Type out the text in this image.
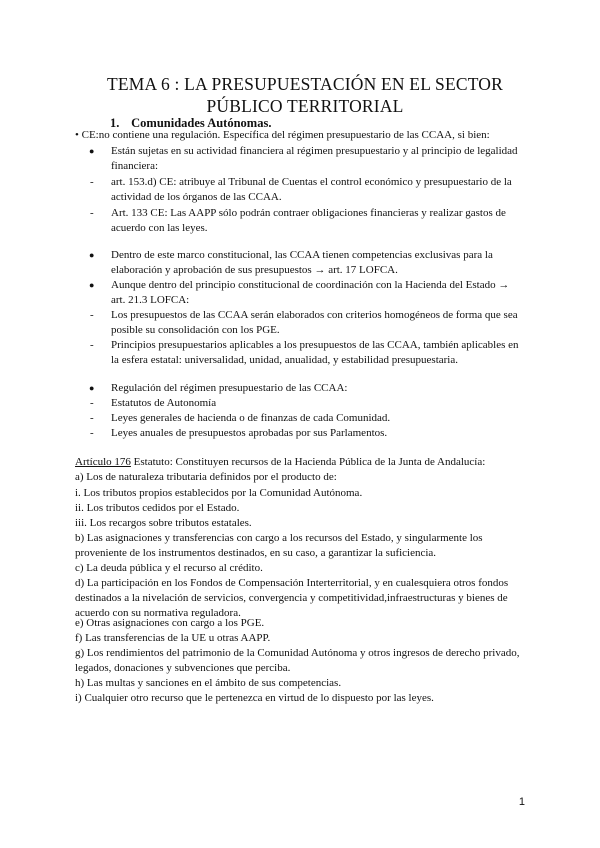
TEMA 6 : LA PRESUPUESTACIÓN EN EL SECTOR
PÚBLICO TERRITORIAL
1. Comunidades Autónomas.
• CE:no contiene una regulación. Específica del régimen presupuestario de las CCAA, si bien:
● Están sujetas en su actividad financiera al régimen presupuestario y al principio de legalidad financiera:
- art. 153.d) CE: atribuye al Tribunal de Cuentas el control económico y presupuestario de la actividad de los órganos de las CCAA.
- Art. 133 CE: Las AAPP sólo podrán contraer obligaciones financieras y realizar gastos de acuerdo con las leyes.
● Dentro de este marco constitucional, las CCAA tienen competencias exclusivas para la elaboración y aprobación de sus presupuestos → art. 17 LOFCA.
● Aunque dentro del principio constitucional de coordinación con la Hacienda del Estado → art. 21.3 LOFCA:
- Los presupuestos de las CCAA serán elaborados con criterios homogéneos de forma que sea posible su consolidación con los PGE.
- Principios presupuestarios aplicables a los presupuestos de las CCAA, también aplicables en la esfera estatal: universalidad, unidad, anualidad, y estabilidad presupuestaria.
● Regulación del régimen presupuestario de las CCAA:
- Estatutos de Autonomía
- Leyes generales de hacienda o de finanzas de cada Comunidad.
- Leyes anuales de presupuestos aprobadas por sus Parlamentos.
Artículo 176 Estatuto: Constituyen recursos de la Hacienda Pública de la Junta de Andalucía:
a) Los de naturaleza tributaria definidos por el producto de:
i. Los tributos propios establecidos por la Comunidad Autónoma.
ii. Los tributos cedidos por el Estado.
iii. Los recargos sobre tributos estatales.
b) Las asignaciones y transferencias con cargo a los recursos del Estado, y singularmente los proveniente de los instrumentos destinados, en su caso, a garantizar la suficiencia.
c) La deuda pública y el recurso al crédito.
d) La participación en los Fondos de Compensación Interterritorial, y en cualesquiera otros fondos destinados a la nivelación de servicios, convergencia y competitividad,infraestructuras y bienes de acuerdo con su normativa reguladora.
e) Otras asignaciones con cargo a los PGE.
f) Las transferencias de la UE u otras AAPP.
g) Los rendimientos del patrimonio de la Comunidad Autónoma y otros ingresos de derecho privado, legados, donaciones y subvenciones que perciba.
h) Las multas y sanciones en el ámbito de sus competencias.
i) Cualquier otro recurso que le pertenezca en virtud de lo dispuesto por las leyes.
1
